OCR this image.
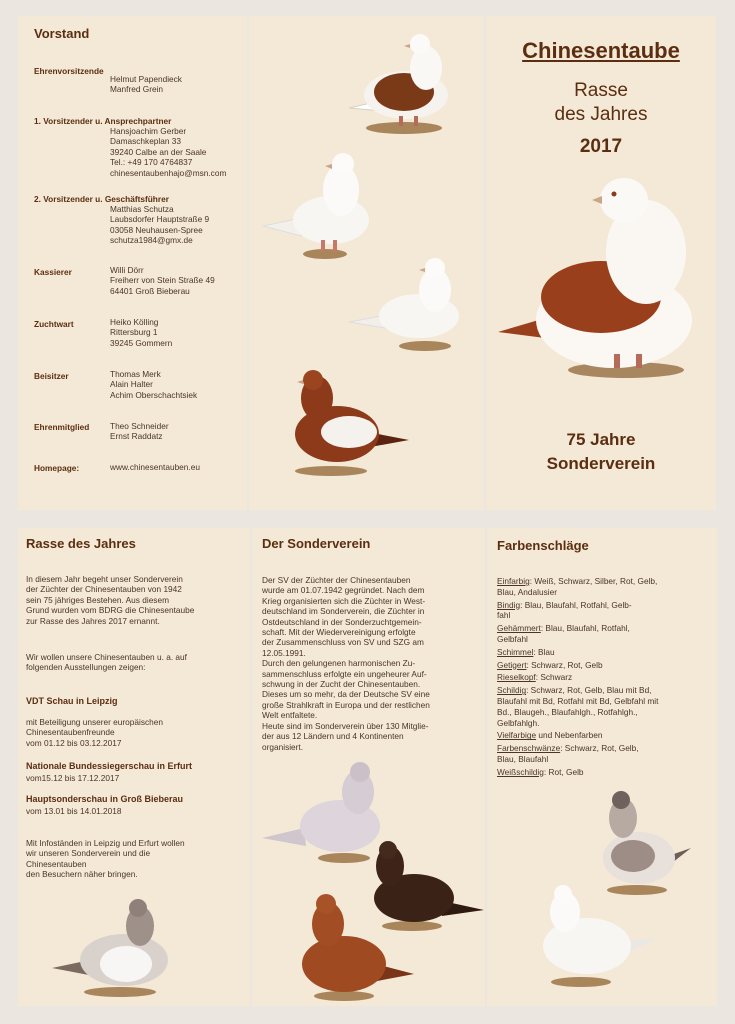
Vorstand
Ehrenvorsitzende
Helmut Papendieck
Manfred Grein
1. Vorsitzender u. Ansprechpartner
Hansjoachim Gerber
Damaschkeplan 33
39240 Calbe an der Saale
Tel.: +49 170 4764837
chinesentaubenhajo@msn.com
2. Vorsitzender u. Geschäftsführer
Matthias Schutza
Laubsdorfer Hauptstraße 9
03058 Neuhausen-Spree
schutza1984@gmx.de
Kassierer	Willi Dörr
Freiherr von Stein Straße 49
64401 Groß Bieberau
Zuchtwart	Heiko Kölling
Rittersburg 1
39245 Gommern
Beisitzer	Thomas Merk
Alain Halter
Achim Oberschachtsiek
Ehrenmitglied Theo Schneider
Ernst Raddatz
Homepage:	www.chinesentauben.eu
Chinesentaube
Rasse
des Jahres
2017
75 Jahre
Sonderverein
Rasse des Jahres
In diesem Jahr begeht unser Sonderverein
der Züchter der Chinesentauben von 1942
sein 75 jähriges Bestehen. Aus diesem
Grund wurden vom BDRG die Chinesentaube
zur Rasse des Jahres 2017 ernannt.
Wir wollen unsere Chinesentauben u. a. auf
folgenden Ausstellungen zeigen:
VDT Schau in Leipzig
mit Beteiligung unserer europäischen
Chinesentaubenfreunde
vom 01.12 bis 03.12.2017
Nationale Bundessiegerschau in Erfurt
vom15.12 bis 17.12.2017
Hauptsonderschau in Groß Bieberau
vom 13.01 bis 14.01.2018
Mit Infoständen in Leipzig und Erfurt wollen
wir unseren Sonderverein und die
Chinesentauben
den Besuchern näher bringen.
Der Sonderverein
Der SV der Züchter der Chinesentauben
wurde am 01.07.1942 gegründet. Nach dem
Krieg organisierten sich die Züchter in West-
deutschland im Sonderverein, die Züchter in
Ostdeutschland in der Sonderzuchtgemein-
schaft. Mit der Wiedervereinigung erfolgte
der Zusammenschluss von SV und SZG am
12.05.1991.
Durch den gelungenen harmonischen Zu-
sammenschluss erfolgte ein ungeheurer Auf-
schwung in der Zucht der Chinesentauben.
Dieses um so mehr, da der Deutsche SV eine
große Strahlkraft in Europa und der restlichen
Welt entfaltete.
Heute sind im Sonderverein über 130 Mitglie-
der aus 12 Ländern und 4 Kontinenten
organisiert.
Farbenschläge
Einfarbig: Weiß, Schwarz, Silber, Rot, Gelb,
Blau, Andalusier
Bindig: Blau, Blaufahl, Rotfahl, Gelb-
fahl
Gehämmert: Blau, Blaufahl, Rotfahl,
Gelbfahl
Schimmel: Blau
Getigert: Schwarz, Rot, Gelb
Rieselkopf: Schwarz
Schildig: Schwarz, Rot, Gelb, Blau mit Bd,
Blaufahl mit Bd, Rotfahl mit Bd, Gelbfahl mit
Bd., Blaugeh., Blaufahlgh., Rotfahlgh.,
Gelbfahlgh.
Vielfarbige und Nebenfarben
Farbenschwänze: Schwarz, Rot, Gelb,
Blau, Blaufahl
Weißschildig: Rot, Gelb
